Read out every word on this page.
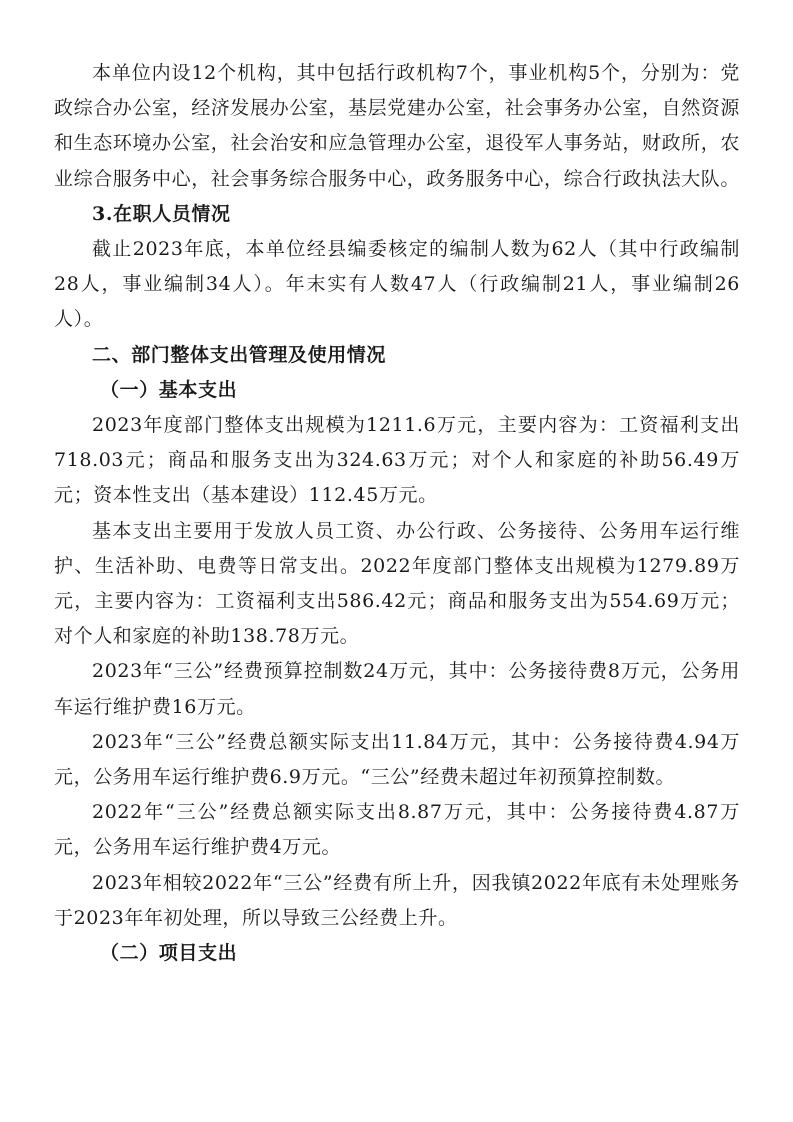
本单位内设12个机构，其中包括行政机构7个，事业机构5个，分别为：党政综合办公室，经济发展办公室，基层党建办公室，社会事务办公室，自然资源和生态环境办公室，社会治安和应急管理办公室，退役军人事务站，财政所，农业综合服务中心，社会事务综合服务中心，政务服务中心，综合行政执法大队。

3.在职人员情况

截止2023年底，本单位经县编委核定的编制人数为62人（其中行政编制28人，事业编制34人）。年末实有人数47人（行政编制21人，事业编制26人）。

二、部门整体支出管理及使用情况

（一）基本支出

2023年度部门整体支出规模为1211.6万元，主要内容为：工资福利支出718.03元；商品和服务支出为324.63万元；对个人和家庭的补助56.49万元；资本性支出（基本建设）112.45万元。

基本支出主要用于发放人员工资、办公行政、公务接待、公务用车运行维护、生活补助、电费等日常支出。2022年度部门整体支出规模为1279.89万元，主要内容为：工资福利支出586.42元；商品和服务支出为554.69万元；对个人和家庭的补助138.78万元。

2023年“三公”经费预算控制数24万元，其中：公务接待费8万元，公务用车运行维护费16万元。

2023年“三公”经费总额实际支出11.84万元，其中：公务接待费4.94万元，公务用车运行维护费6.9万元。“三公”经费未超过年初预算控制数。

2022年“三公”经费总额实际支出8.87万元，其中：公务接待费4.87万元，公务用车运行维护费4万元。

2023年相较2022年“三公”经费有所上升，因我镇2022年底有未处理账务于2023年年初处理，所以导致三公经费上升。

（二）项目支出
